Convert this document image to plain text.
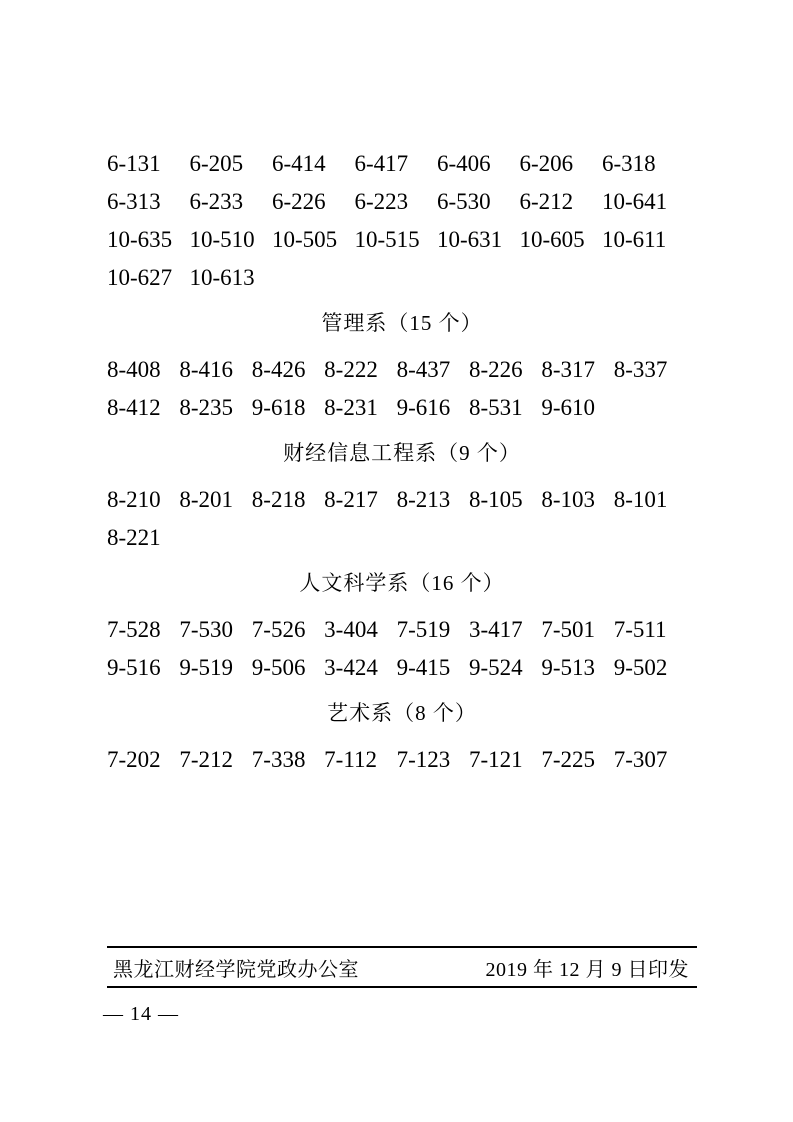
6-131	6-205	6-414	6-417	6-406	6-206	6-318
6-313	6-233	6-226	6-223	6-530	6-212	10-641
10-635 10-510 10-505 10-515 10-631 10-605 10-611
10-627 10-613
管理系（15 个）
8-408 8-416 8-426 8-222 8-437 8-226 8-317 8-337
8-412 8-235 9-618 8-231 9-616 8-531 9-610
财经信息工程系（9 个）
8-210 8-201 8-218 8-217 8-213 8-105 8-103 8-101
8-221
人文科学系（16 个）
7-528 7-530 7-526 3-404 7-519 3-417 7-501 7-511
9-516 9-519 9-506 3-424 9-415 9-524 9-513 9-502
艺术系（8 个）
7-202 7-212 7-338 7-112 7-123 7-121 7-225 7-307
黑龙江财经学院党政办公室	2019 年 12 月 9 日印发
— 14 —
